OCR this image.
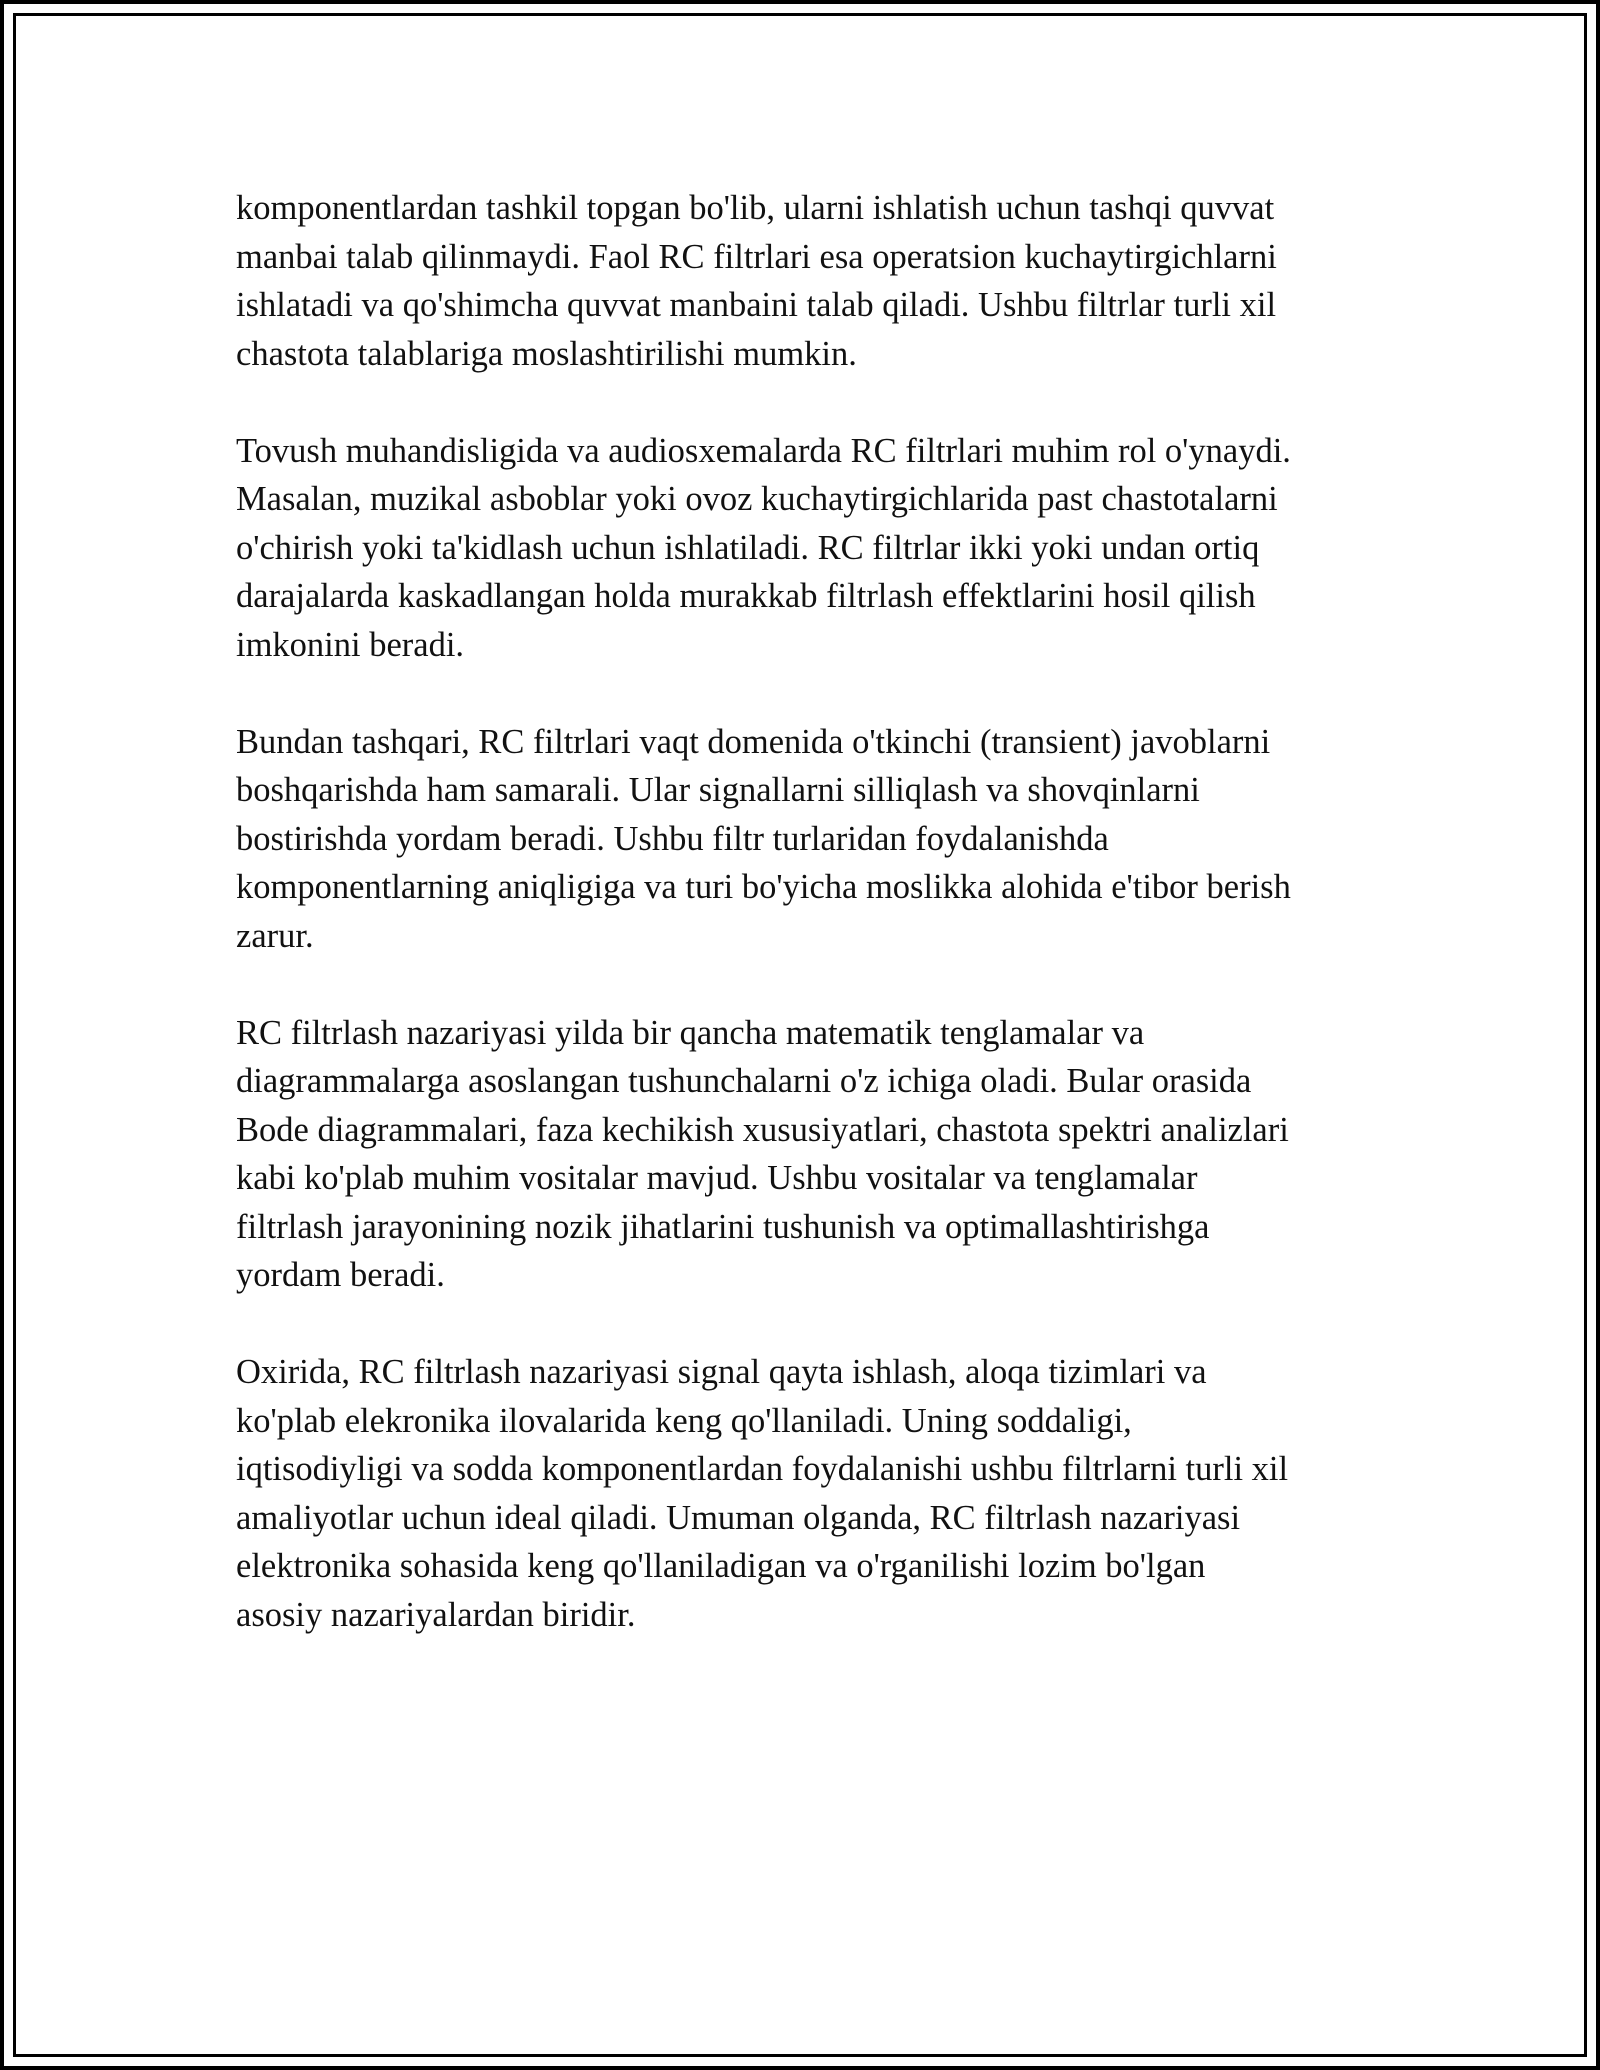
komponentlardan tashkil topgan bo'lib, ularni ishlatish uchun tashqi quvvat
manbai talab qilinmaydi. Faol RC filtrlari esa operatsion kuchaytirgichlarni
ishlatadi va qo'shimcha quvvat manbaini talab qiladi. Ushbu filtrlar turli xil
chastota talablariga moslashtirilishi mumkin.

Tovush muhandisligida va audiosxemalarda RC filtrlari muhim rol o'ynaydi.
Masalan, muzikal asboblar yoki ovoz kuchaytirgichlarida past chastotalarni
o'chirish yoki ta'kidlash uchun ishlatiladi. RC filtrlar ikki yoki undan ortiq
darajalarda kaskadlangan holda murakkab filtrlash effektlarini hosil qilish
imkonini beradi.

Bundan tashqari, RC filtrlari vaqt domenida o'tkinchi (transient) javoblarni
boshqarishda ham samarali. Ular signallarni silliqlash va shovqinlarni
bostirishda yordam beradi. Ushbu filtr turlaridan foydalanishda
komponentlarning aniqligiga va turi bo'yicha moslikka alohida e'tibor berish
zarur.

RC filtrlash nazariyasi yilda bir qancha matematik tenglamalar va
diagrammalarga asoslangan tushunchalarni o'z ichiga oladi. Bular orasida
Bode diagrammalari, faza kechikish xususiyatlari, chastota spektri analizlari
kabi ko'plab muhim vositalar mavjud. Ushbu vositalar va tenglamalar
filtrlash jarayonining nozik jihatlarini tushunish va optimallashtirishga
yordam beradi.

Oxirida, RC filtrlash nazariyasi signal qayta ishlash, aloqa tizimlari va
ko'plab elekronika ilovalarida keng qo'llaniladi. Uning soddaligi,
iqtisodiyligi va sodda komponentlardan foydalanishi ushbu filtrlarni turli xil
amaliyotlar uchun ideal qiladi. Umuman olganda, RC filtrlash nazariyasi
elektronika sohasida keng qo'llaniladigan va o'rganilishi lozim bo'lgan
asosiy nazariyalardan biridir.
